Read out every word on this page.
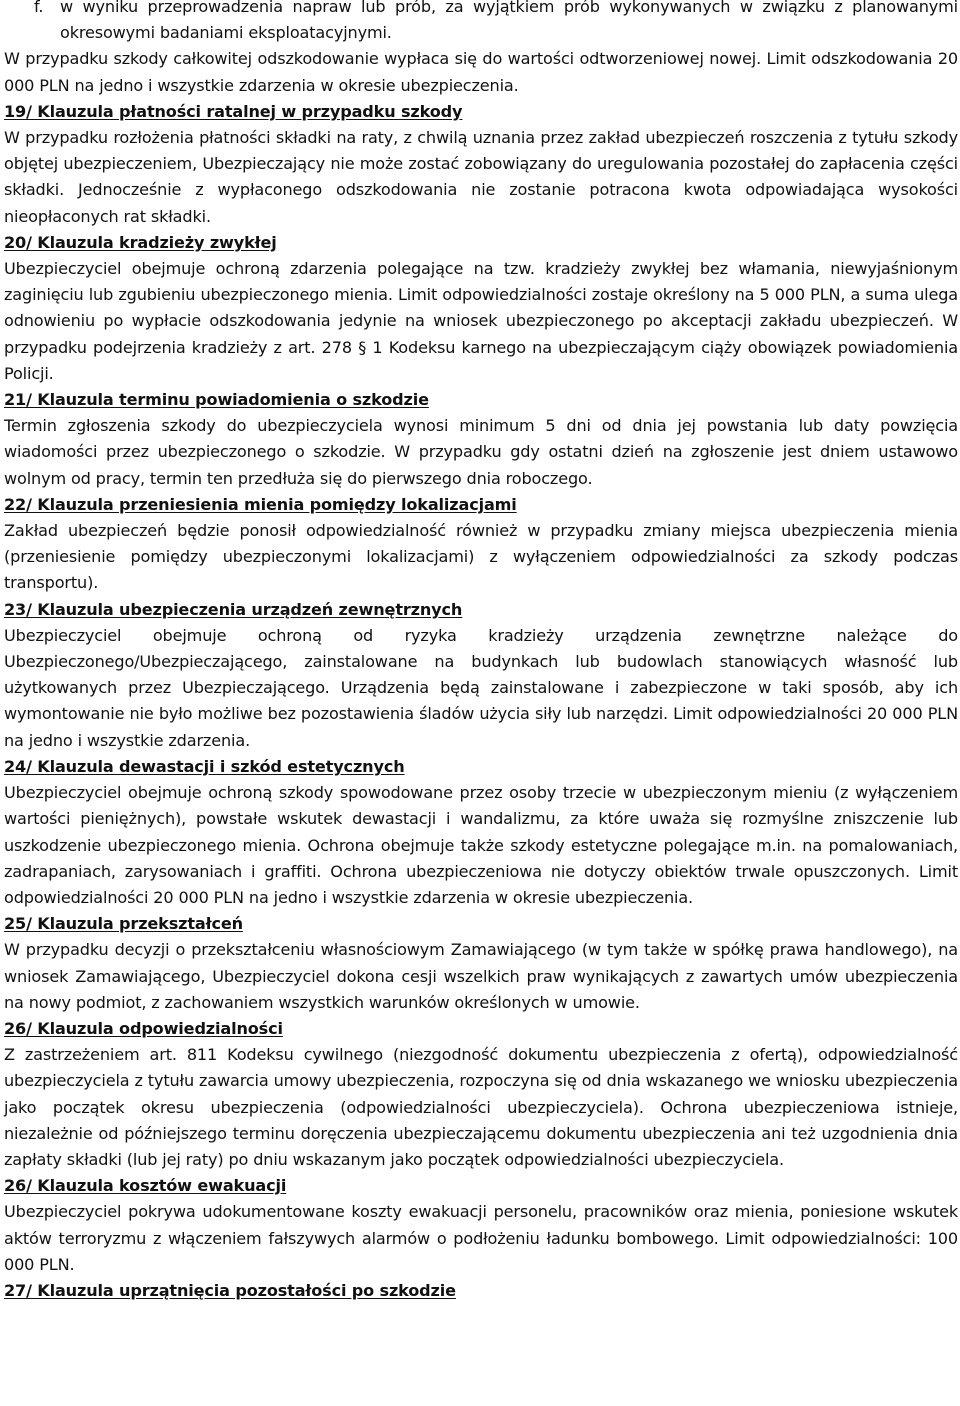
f.	w wyniku przeprowadzenia napraw lub prób, za wyjątkiem prób wykonywanych w związku z planowanymi okresowymi badaniami eksploatacyjnymi.

W przypadku szkody całkowitej odszkodowanie wypłaca się do wartości odtworzeniowej nowej. Limit odszkodowania 20 000 PLN na jedno i wszystkie zdarzenia w okresie ubezpieczenia.

19/ Klauzula płatności ratalnej w przypadku szkody

W przypadku rozłożenia płatności składki na raty, z chwilą uznania przez zakład ubezpieczeń roszczenia z tytułu szkody objętej ubezpieczeniem, Ubezpieczający nie może zostać zobowiązany do uregulowania pozostałej do zapłacenia części składki. Jednocześnie z wypłaconego odszkodowania nie zostanie potracona kwota odpowiadająca wysokości nieopłaconych rat składki.

20/ Klauzula kradzieży zwykłej

Ubezpieczyciel obejmuje ochroną zdarzenia polegające na tzw. kradzieży zwykłej bez włamania, niewyjaśnionym zaginięciu lub zgubieniu ubezpieczonego mienia. Limit odpowiedzialności zostaje określony na 5 000 PLN, a suma ulega odnowieniu po wypłacie odszkodowania jedynie na wniosek ubezpieczonego po akceptacji zakładu ubezpieczeń. W przypadku podejrzenia kradzieży z art. 278 § 1 Kodeksu karnego na ubezpieczającym ciąży obowiązek powiadomienia Policji.

21/ Klauzula terminu powiadomienia o szkodzie

Termin zgłoszenia szkody do ubezpieczyciela wynosi minimum 5 dni od dnia jej powstania lub daty powzięcia wiadomości przez ubezpieczonego o szkodzie. W przypadku gdy ostatni dzień na zgłoszenie jest dniem ustawowo wolnym od pracy, termin ten przedłuża się do pierwszego dnia roboczego.

22/ Klauzula przeniesienia mienia pomiędzy lokalizacjami

Zakład ubezpieczeń będzie ponosił odpowiedzialność również w przypadku zmiany miejsca ubezpieczenia mienia (przeniesienie pomiędzy ubezpieczonymi lokalizacjami) z wyłączeniem odpowiedzialności za szkody podczas transportu).

23/ Klauzula ubezpieczenia urządzeń zewnętrznych

Ubezpieczyciel obejmuje ochroną od ryzyka kradzieży urządzenia zewnętrzne należące do Ubezpieczonego/Ubezpieczającego, zainstalowane na budynkach lub budowlach stanowiących własność lub użytkowanych przez Ubezpieczającego. Urządzenia będą zainstalowane i zabezpieczone w taki sposób, aby ich wymontowanie nie było możliwe bez pozostawienia śladów użycia siły lub narzędzi. Limit odpowiedzialności 20 000 PLN na jedno i wszystkie zdarzenia.

24/ Klauzula dewastacji i szkód estetycznych

Ubezpieczyciel obejmuje ochroną szkody spowodowane przez osoby trzecie w ubezpieczonym mieniu (z wyłączeniem wartości pieniężnych), powstałe wskutek dewastacji i wandalizmu, za które uważa się rozmyślne zniszczenie lub uszkodzenie ubezpieczonego mienia. Ochrona obejmuje także szkody estetyczne polegające m.in. na pomalowaniach, zadrapaniach, zarysowaniach i graffiti. Ochrona ubezpieczeniowa nie dotyczy obiektów trwale opuszczonych. Limit odpowiedzialności 20 000 PLN na jedno i wszystkie zdarzenia w okresie ubezpieczenia.

25/ Klauzula przekształceń

W przypadku decyzji o przekształceniu własnościowym Zamawiającego (w tym także w spółkę prawa handlowego), na wniosek Zamawiającego, Ubezpieczyciel dokona cesji wszelkich praw wynikających z zawartych umów ubezpieczenia na nowy podmiot, z zachowaniem wszystkich warunków określonych w umowie.

26/ Klauzula odpowiedzialności

Z zastrzeżeniem art. 811 Kodeksu cywilnego (niezgodność dokumentu ubezpieczenia z ofertą), odpowiedzialność ubezpieczyciela z tytułu zawarcia umowy ubezpieczenia, rozpoczyna się od dnia wskazanego we wniosku ubezpieczenia jako początek okresu ubezpieczenia (odpowiedzialności ubezpieczyciela). Ochrona ubezpieczeniowa istnieje, niezależnie od późniejszego terminu doręczenia ubezpieczającemu dokumentu ubezpieczenia ani też uzgodnienia dnia zapłaty składki (lub jej raty) po dniu wskazanym jako początek odpowiedzialności ubezpieczyciela.

26/ Klauzula kosztów ewakuacji

Ubezpieczyciel pokrywa udokumentowane koszty ewakuacji personelu, pracowników oraz mienia, poniesione wskutek aktów terroryzmu z włączeniem fałszywych alarmów o podłożeniu ładunku bombowego. Limit odpowiedzialności: 100 000 PLN.

27/ Klauzula uprzątnięcia pozostałości po szkodzie
